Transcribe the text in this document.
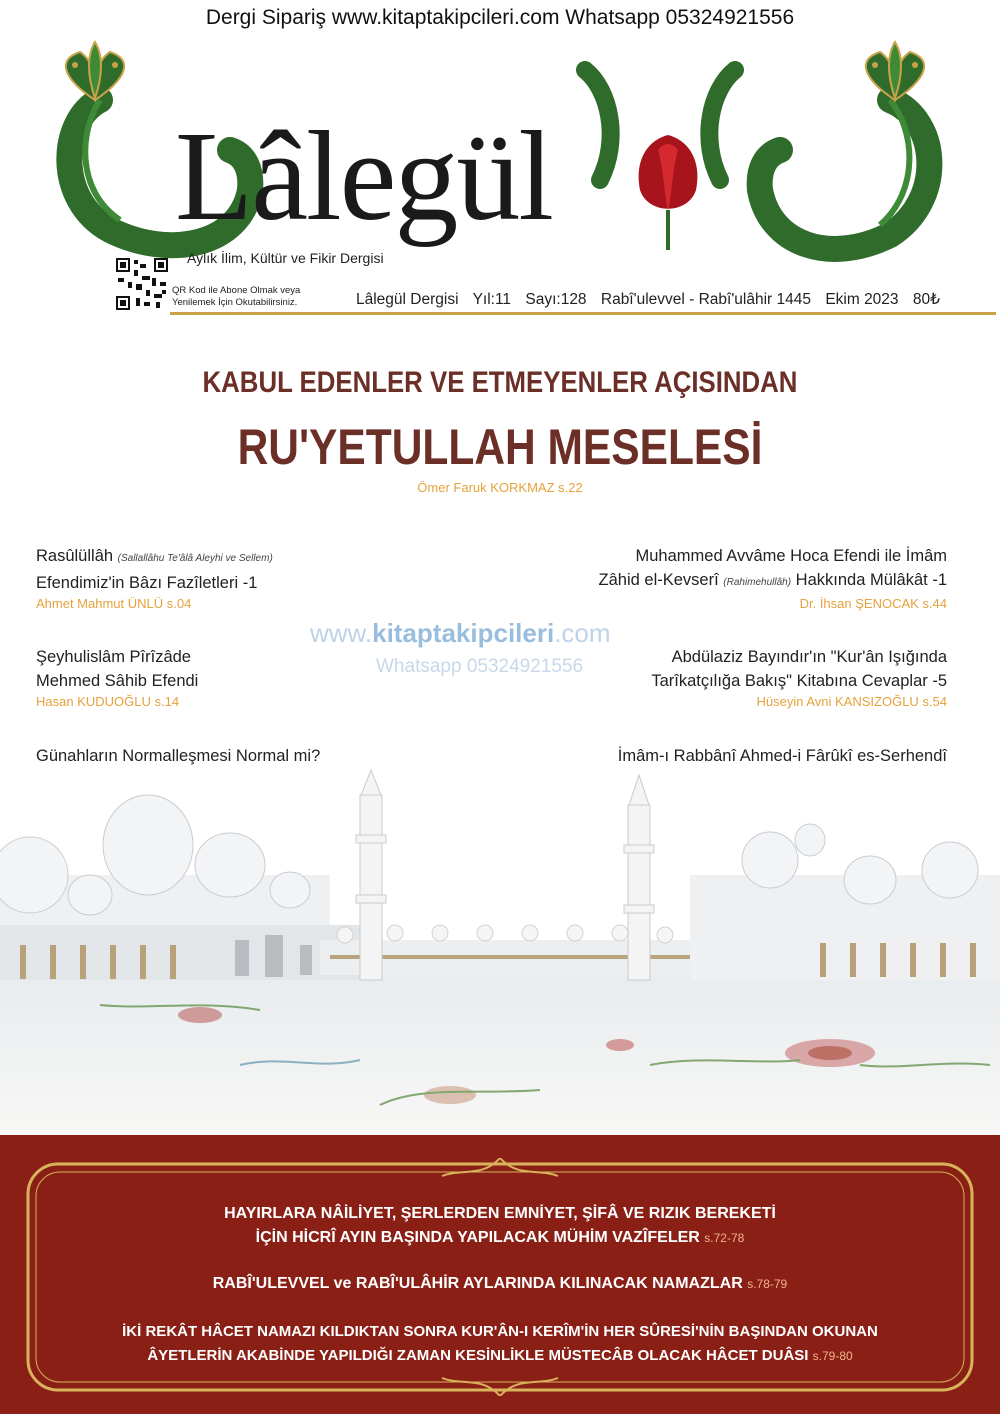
Dergi Sipariş www.kitaptakipcileri.com Whatsapp 05324921556
Lâlegül
Aylık İlim, Kültür ve Fikir Dergisi
QR Kod ile Abone Olmak veya
Yenilemek İçin Okutabilirsiniz.	Lâlegül Dergisi Yıl:11 Sayı:128 Rabî'ulevvel - Rabî'ulâhir 1445 Ekim 2023 80₺
KABUL EDENLER VE ETMEYENLER AÇISINDAN
RU'YETULLAH MESELESİ
Ömer Faruk KORKMAZ s.22
Rasûlüllâh (Sallallâhu Te'âlâ Aleyhi ve Sellem)
Efendimiz'in Bâzı Fazîletleri -1
Ahmet Mahmut ÜNLÜ s.04
Şeyhulislâm Pîrîzâde
Mehmed Sâhib Efendi
Hasan KUDUOĞLU s.14
Günahların Normalleşmesi Normal mi?
Muhammed Avvâme Hoca Efendi ile İmâm
Zâhid el-Kevserî (Rahimehullâh) Hakkında Mülâkât -1
Dr. İhsan ŞENOCAK s.44
Abdülaziz Bayındır'ın "Kur'ân Işığında
Tarîkatçılığa Bakış" Kitabına Cevaplar -5
Hüseyin Avni KANSIZOĞLU s.54
İmâm-ı Rabbânî Ahmed-i Fârûkî es-Serhendî
www.kitaptakipcileri.com
Whatsapp 05324921556
HAYIRLARA NÂİLİYET, ŞERLERDEN EMNİYET, ŞİFÂ VE RIZIK BEREKETİ
İÇİN HİCRÎ AYIN BAŞINDA YAPILACAK MÜHİM VAZÎFELER s.72-78
RABÎ'ULEVVEL ve RABÎ'ULÂHİR AYLARINDA KILINACAK NAMAZLAR s.78-79
İKİ REKÂT HÂCET NAMAZI KILDIKTAN SONRA KUR'ÂN-I KERÎM'İN HER SÛRESİ'NİN BAŞINDAN OKUNAN
ÂYETLERİN AKABİNDE YAPILDIĞI ZAMAN KESİNLİKLE MÜSTECÂB OLACAK HÂCET DUÂSI s.79-80
